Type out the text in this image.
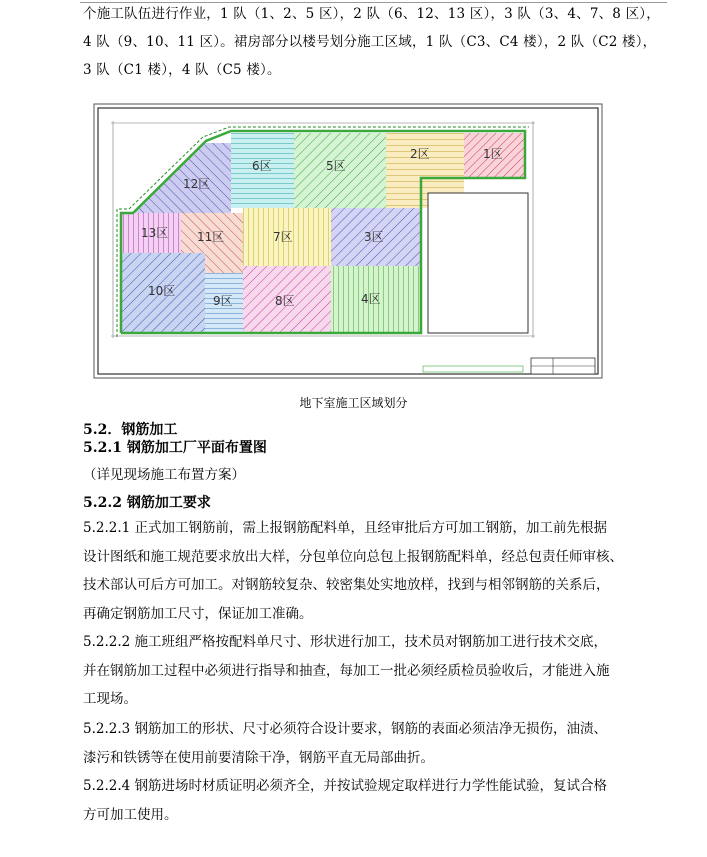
个施工队伍进行作业，1 队（1、2、5 区），2 队（6、12、13 区），3 队（3、4、7、8 区），
4 队（9、10、11 区）。裙房部分以楼号划分施工区域，1 队（C3、C4 楼），2 队（C2 楼），
3 队（C1 楼），4 队（C5 楼）。
12区
6区	5区
2区	1区
13区 11区	7区	3区
10区
9区	8区	4区
地下室施工区域划分
5.2．钢筋加工
5.2.1 钢筋加工厂平面布置图
（详见现场施工布置方案）
5.2.2 钢筋加工要求
5.2.2.1 正式加工钢筋前，需上报钢筋配料单，且经审批后方可加工钢筋，加工前先根据
设计图纸和施工规范要求放出大样，分包单位向总包上报钢筋配料单，经总包责任师审核、
技术部认可后方可加工。对钢筋较复杂、较密集处实地放样，找到与相邻钢筋的关系后，
再确定钢筋加工尺寸，保证加工准确。
5.2.2.2 施工班组严格按配料单尺寸、形状进行加工，技术员对钢筋加工进行技术交底，
并在钢筋加工过程中必须进行指导和抽查，每加工一批必须经质检员验收后，才能进入施
工现场。
5.2.2.3 钢筋加工的形状、尺寸必须符合设计要求，钢筋的表面必须洁净无损伤，油渍、
漆污和铁锈等在使用前要清除干净，钢筋平直无局部曲折。
5.2.2.4 钢筋进场时材质证明必须齐全，并按试验规定取样进行力学性能试验，复试合格
方可加工使用。
